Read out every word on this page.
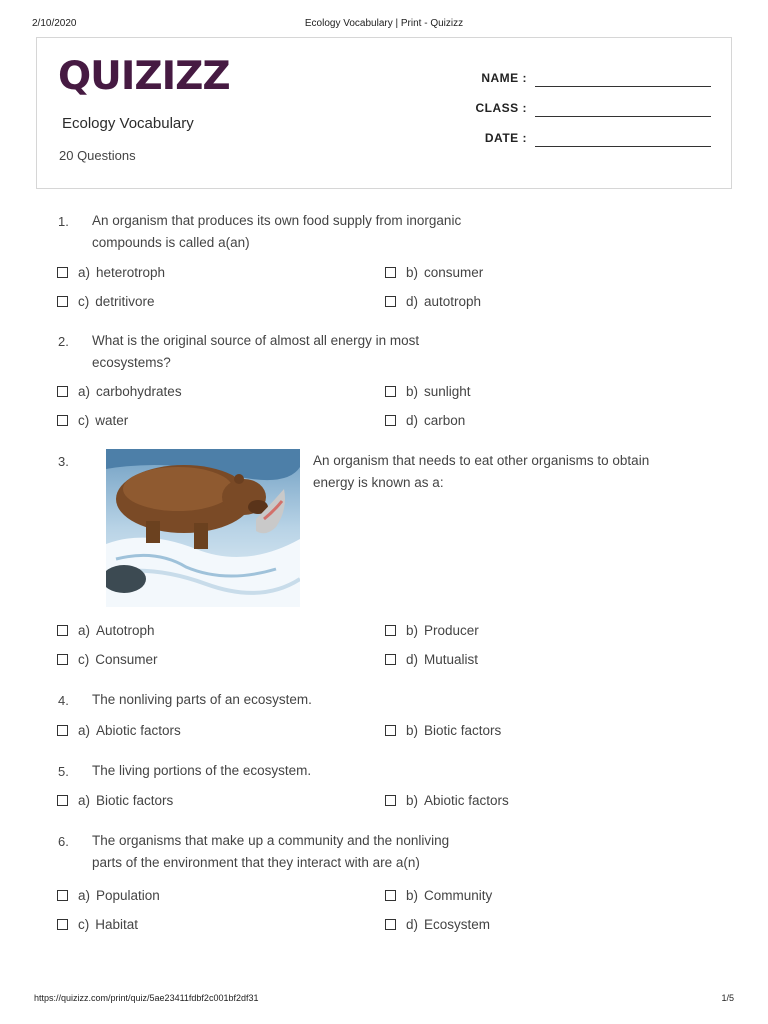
2/10/2020	Ecology Vocabulary | Print - Quizizz
QUIZIZZ
Ecology Vocabulary
20 Questions
NAME :
CLASS :
DATE :
1. An organism that produces its own food supply from inorganic
compounds is called a(an)
a) heterotroph	b) consumer
c) detritivore	d) autotroph
2. What is the original source of almost all energy in most
ecosystems?
a) carbohydrates	b) sunlight
c) water	d) carbon
3.	An organism that needs to eat other organisms to obtain
energy is known as a:
a) Autotroph	b) Producer
c) Consumer	d) Mutualist
4. The nonliving parts of an ecosystem.
a) Abiotic factors	b) Biotic factors
5. The living portions of the ecosystem.
a) Biotic factors	b) Abiotic factors
6. The organisms that make up a community and the nonliving
parts of the environment that they interact with are a(n)
a) Population	b) Community
c) Habitat	d) Ecosystem
https://quizizz.com/print/quiz/5ae23411fdbf2c001bf2df31	1/5
